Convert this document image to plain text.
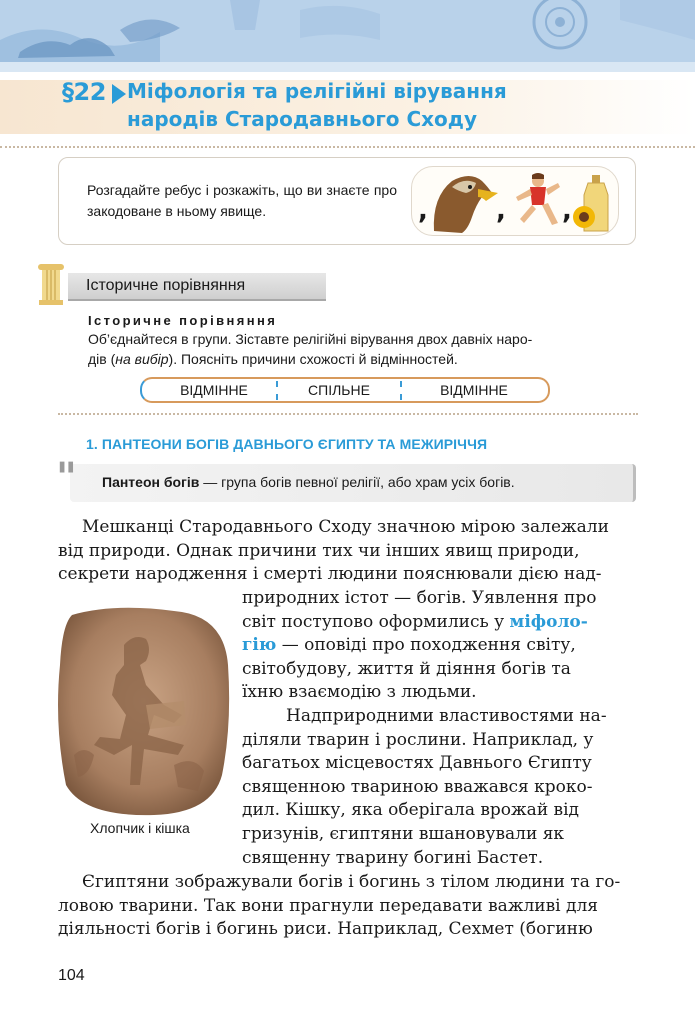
§22 Міфологія та релігійні вірування
народів Стародавнього Сходу
Розгадайте ребус і розкажіть, що ви знаєте про закодоване в ньому явище.	,	, ,
Історичне порівняння
Історичне порівняння
Об’єднайтеся в групи. Зіставте релігійні вірування двох давніх наро-
дів (на вибір). Поясніть причини схожості й відмінностей.
ВІДМІННЕ	СПІЛЬНЕ	ВІДМІННЕ
1. ПАНТЕОНИ БОГІВ ДАВНЬОГО ЄГИПТУ ТА МЕЖИРІЧЧЯ
Пантеон богів — група богів певної релігії, або храм усіх богів.
"
Мешканці Стародавнього Сходу значною мірою залежали
від природи. Однак причини тих чи інших явищ природи,
секрети народження і смерті людини пояснювали дією над-
природних істот — богів. Уявлення про
світ поступово оформились у міфоло-
гію — оповіді про походження світу,
світобудову, життя й діяння богів та
їхню взаємодію з людьми.
Надприродними властивостями на-
діляли тварин і рослини. Наприклад, у
багатьох місцевостях Давнього Єгипту
священною твариною вважався кроко-
дил. Кішку, яка оберігала врожай від
гризунів, єгиптяни вшановували як
священну тварину богині Бастет.
Хлопчик і кішка
Єгиптяни зображували богів і богинь з тілом людини та го-
ловою тварини. Так вони прагнули передавати важливі для
діяльності богів і богинь риси. Наприклад, Сехмет (богиню
104
